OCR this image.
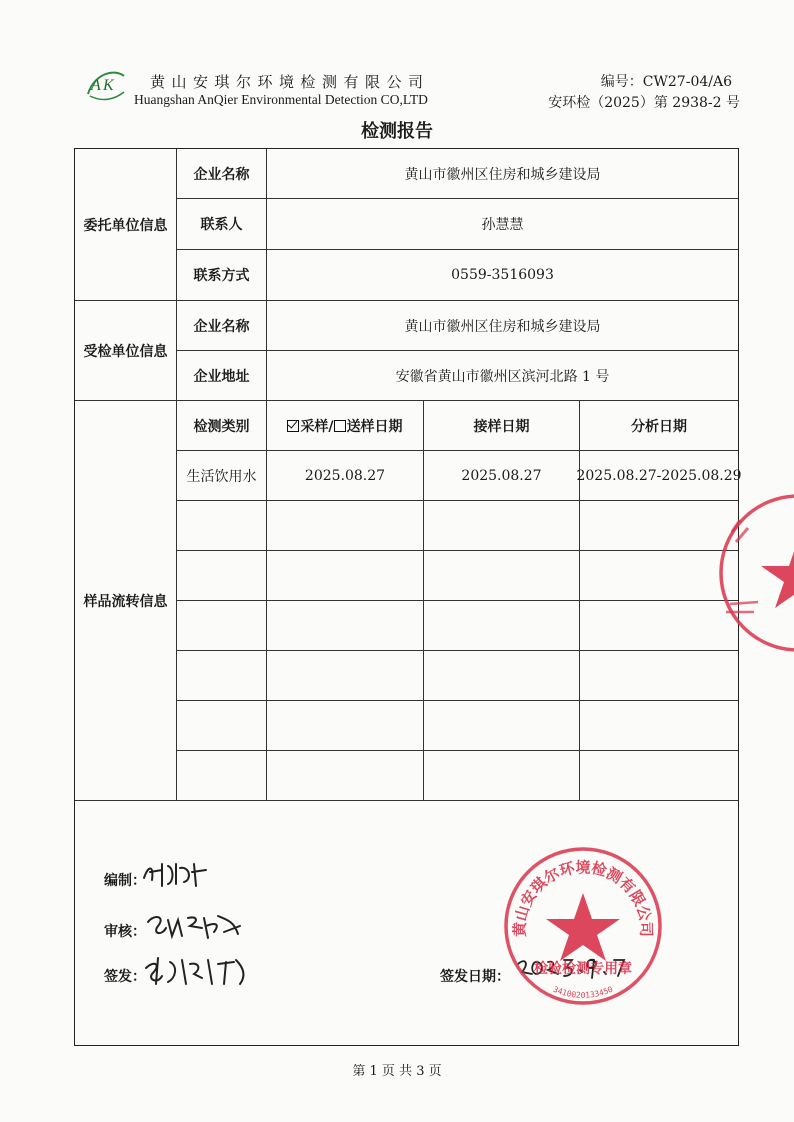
A K 黄山安琪尔环境检测有限公司
Huangshan AnQier Environmental Detection CO,LTD
编号：CW27-04/A6
安环检（2025）第 2938-2 号
检测报告
委托单位信息
企业名称	黄山市徽州区住房和城乡建设局
联系人	孙慧慧
联系方式	0559-3516093
受检单位信息
企业名称	黄山市徽州区住房和城乡建设局
企业地址	安徽省黄山市徽州区滨河北路 1 号
样品流转信息
检测类别	采样/ 送样日期	接样日期	分析日期
生活饮用水	2025.08.27	2025.08.27	2025.08.27-2025.08.29
编制：
审核：
签发：	签发日期：
黄山安琪尔环境检测有限公司
检验检测专用章
3410020133450
第 1 页 共 3 页
